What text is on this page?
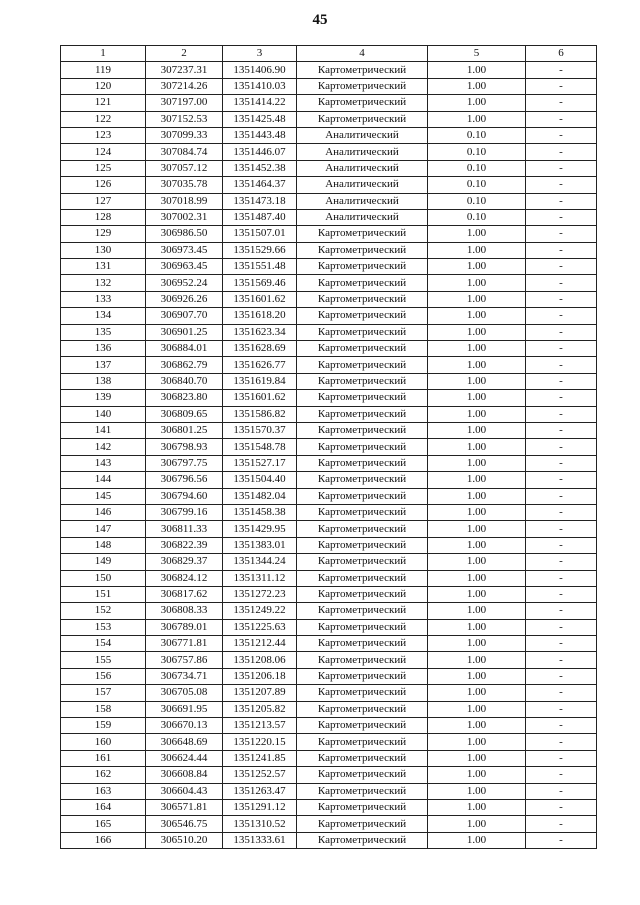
45
1	2	3	4	5	6
119	307237.31	1351406.90	Картометрический	1.00	-
120	307214.26	1351410.03	Картометрический	1.00	-
121	307197.00	1351414.22	Картометрический	1.00	-
122	307152.53	1351425.48	Картометрический	1.00	-
123	307099.33	1351443.48	Аналитический	0.10	-
124	307084.74	1351446.07	Аналитический	0.10	-
125	307057.12	1351452.38	Аналитический	0.10	-
126	307035.78	1351464.37	Аналитический	0.10	-
127	307018.99	1351473.18	Аналитический	0.10	-
128	307002.31	1351487.40	Аналитический	0.10	-
129	306986.50	1351507.01	Картометрический	1.00	-
130	306973.45	1351529.66	Картометрический	1.00	-
131	306963.45	1351551.48	Картометрический	1.00	-
132	306952.24	1351569.46	Картометрический	1.00	-
133	306926.26	1351601.62	Картометрический	1.00	-
134	306907.70	1351618.20	Картометрический	1.00	-
135	306901.25	1351623.34	Картометрический	1.00	-
136	306884.01	1351628.69	Картометрический	1.00	-
137	306862.79	1351626.77	Картометрический	1.00	-
138	306840.70	1351619.84	Картометрический	1.00	-
139	306823.80	1351601.62	Картометрический	1.00	-
140	306809.65	1351586.82	Картометрический	1.00	-
141	306801.25	1351570.37	Картометрический	1.00	-
142	306798.93	1351548.78	Картометрический	1.00	-
143	306797.75	1351527.17	Картометрический	1.00	-
144	306796.56	1351504.40	Картометрический	1.00	-
145	306794.60	1351482.04	Картометрический	1.00	-
146	306799.16	1351458.38	Картометрический	1.00	-
147	306811.33	1351429.95	Картометрический	1.00	-
148	306822.39	1351383.01	Картометрический	1.00	-
149	306829.37	1351344.24	Картометрический	1.00	-
150	306824.12	1351311.12	Картометрический	1.00	-
151	306817.62	1351272.23	Картометрический	1.00	-
152	306808.33	1351249.22	Картометрический	1.00	-
153	306789.01	1351225.63	Картометрический	1.00	-
154	306771.81	1351212.44	Картометрический	1.00	-
155	306757.86	1351208.06	Картометрический	1.00	-
156	306734.71	1351206.18	Картометрический	1.00	-
157	306705.08	1351207.89	Картометрический	1.00	-
158	306691.95	1351205.82	Картометрический	1.00	-
159	306670.13	1351213.57	Картометрический	1.00	-
160	306648.69	1351220.15	Картометрический	1.00	-
161	306624.44	1351241.85	Картометрический	1.00	-
162	306608.84	1351252.57	Картометрический	1.00	-
163	306604.43	1351263.47	Картометрический	1.00	-
164	306571.81	1351291.12	Картометрический	1.00	-
165	306546.75	1351310.52	Картометрический	1.00	-
166	306510.20	1351333.61	Картометрический	1.00	-
